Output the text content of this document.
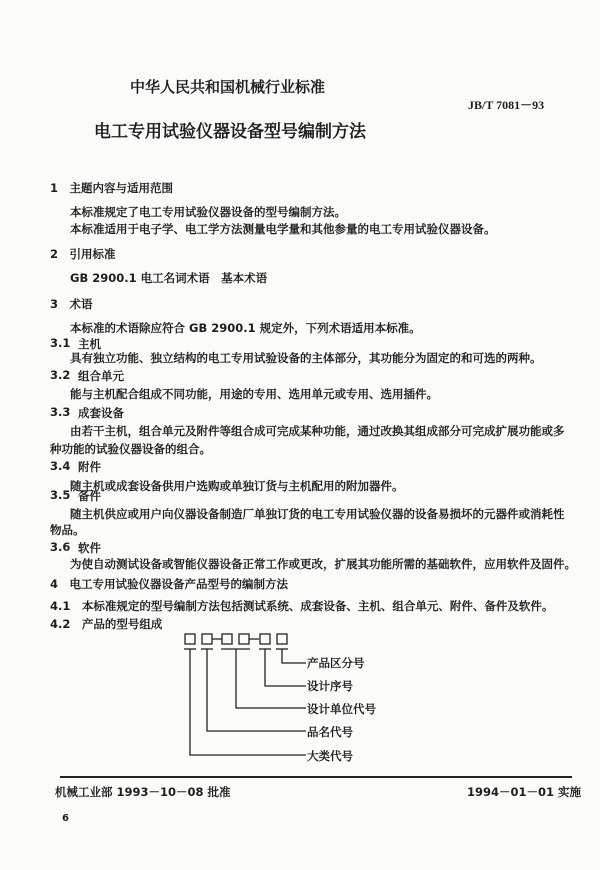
中华人民共和国机械行业标准
JB/T 7081－93
电工专用试验仪器设备型号编制方法
1　主题内容与适用范围
本标准规定了电工专用试验仪器设备的型号编制方法。
本标准适用于电子学、电工学方法测量电学量和其他参量的电工专用试验仪器设备。
2　引用标准
GB 2900.1 电工名词术语　基本术语
3　术语
本标准的术语除应符合 GB 2900.1 规定外，下列术语适用本标准。
3.1 主机
具有独立功能、独立结构的电工专用试验设备的主体部分，其功能分为固定的和可选的两种。
3.2 组合单元
能与主机配合组成不同功能，用途的专用、选用单元或专用、选用插件。
3.3 成套设备
由若干主机，组合单元及附件等组合成可完成某种功能，通过改换其组成部分可完成扩展功能或多
种功能的试验仪器设备的组合。
3.4 附件
随主机或成套设备供用户选购或单独订货与主机配用的附加器件。
3.5 备件
随主机供应或用户向仪器设备制造厂单独订货的电工专用试验仪器的设备易损坏的元器件或消耗性
物品。
3.6 软件
为使自动测试设备或智能仪器设备正常工作或更改，扩展其功能所需的基础软件，应用软件及固件。
4　电工专用试验仪器设备产品型号的编制方法
4.1　本标准规定的型号编制方法包括测试系统、成套设备、主机、组合单元、附件、备件及软件。
4.2　产品的型号组成
产品区分号
设计序号
设计单位代号
品名代号
大类代号
机械工业部 1993－10－08 批准	1994－01－01 实施
6
